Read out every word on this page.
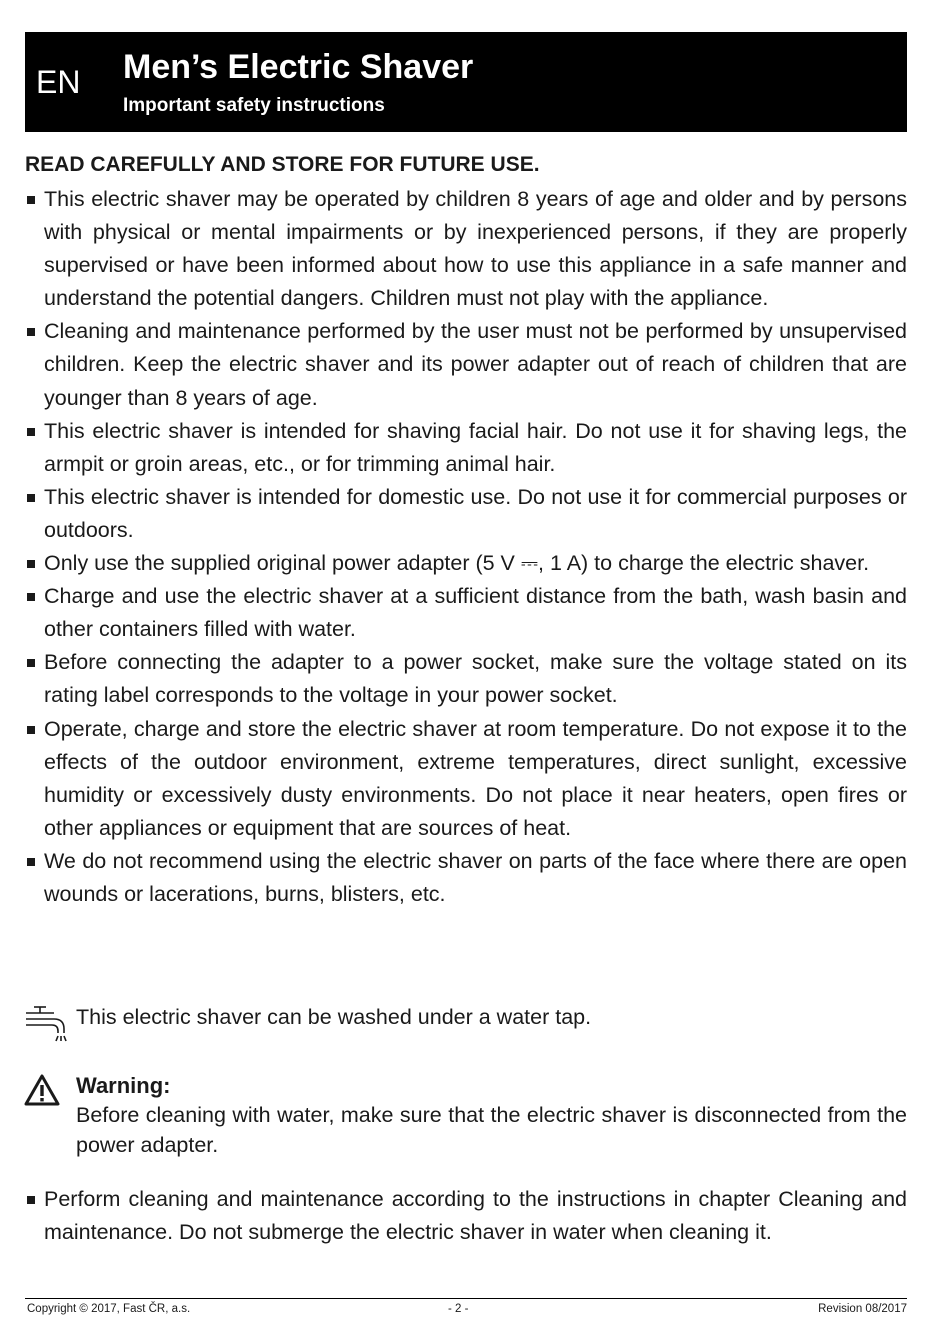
EN Men’s Electric Shaver
Important safety instructions
READ CAREFULLY AND STORE FOR FUTURE USE.
This electric shaver may be operated by children 8 years of age and older and by persons with physical or mental impairments or by inexperienced persons, if they are properly supervised or have been informed about how to use this appliance in a safe manner and understand the potential dangers. Children must not play with the appliance.
Cleaning and maintenance performed by the user must not be performed by unsupervised children. Keep the electric shaver and its power adapter out of reach of children that are younger than 8 years of age.
This electric shaver is intended for shaving facial hair. Do not use it for shaving legs, the armpit or groin areas, etc., or for trimming animal hair.
This electric shaver is intended for domestic use. Do not use it for commercial purposes or outdoors.
Only use the supplied original power adapter (5 V ⎓, 1 A) to charge the electric shaver.
Charge and use the electric shaver at a sufficient distance from the bath, wash basin and other containers filled with water.
Before connecting the adapter to a power socket, make sure the voltage stated on its rating label corresponds to the voltage in your power socket.
Operate, charge and store the electric shaver at room temperature. Do not expose it to the effects of the outdoor environment, extreme temperatures, direct sunlight, excessive humidity or excessively dusty environments. Do not place it near heaters, open fires or other appliances or equipment that are sources of heat.
We do not recommend using the electric shaver on parts of the face where there are open wounds or lacerations, burns, blisters, etc.
This electric shaver can be washed under a water tap.
Warning:
Before cleaning with water, make sure that the electric shaver is disconnected from the power adapter.
Perform cleaning and maintenance according to the instructions in chapter Cleaning and maintenance. Do not submerge the electric shaver in water when cleaning it.
Copyright © 2017, Fast ČR, a.s.	- 2 -	Revision 08/2017
